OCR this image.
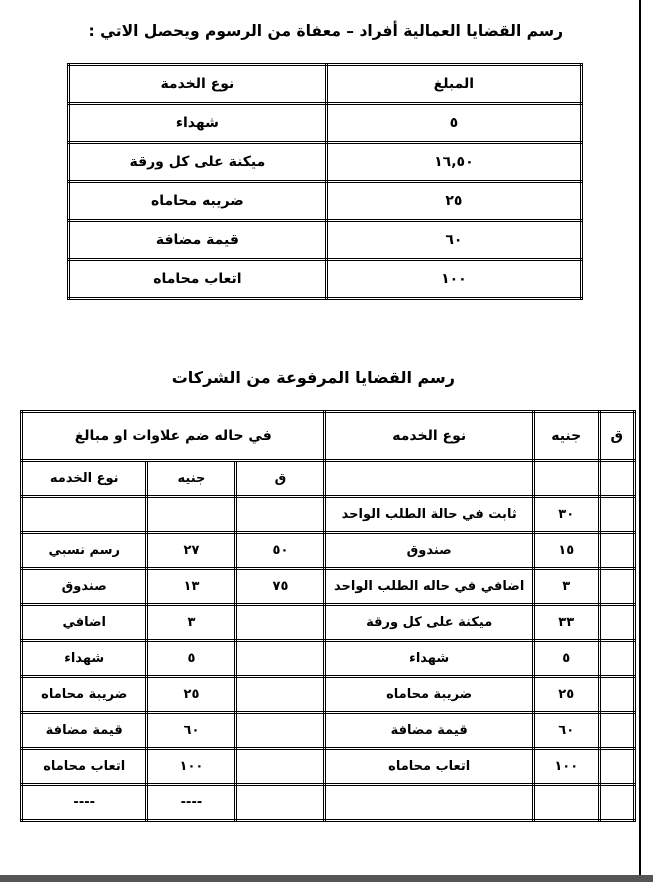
رسم القضايا العمالية أفراد – معفاة من الرسوم ويحصل الاتي :
المبلغ	نوع الخدمة
٥	شهداء
١٦,٥٠	ميكنة على كل ورقة
٢٥	ضريبه محاماه
٦٠	قيمة مضافة
١٠٠	اتعاب محاماه
رسم القضايا المرفوعة من الشركات
ق	جنيه	نوع الخدمه	في حاله ضم علاوات او مبالغ		
			ق	جنيه	نوع الخدمه
	٣٠	ثابت في حالة الطلب الواحد			
	١٥	صندوق	٥٠	٢٧	رسم نسبي
	٣	اضافي في حاله الطلب الواحد	٧٥	١٣	صندوق
	٣٣	ميكنة على كل ورقة		٣	اضافي
	٥	شهداء		٥	شهداء
	٢٥	ضريبة محاماه		٢٥	ضريبة محاماه
	٦٠	قيمة مضافة		٦٠	قيمة مضافة
	١٠٠	اتعاب محاماه		١٠٠	اتعاب محاماه
				----	----
